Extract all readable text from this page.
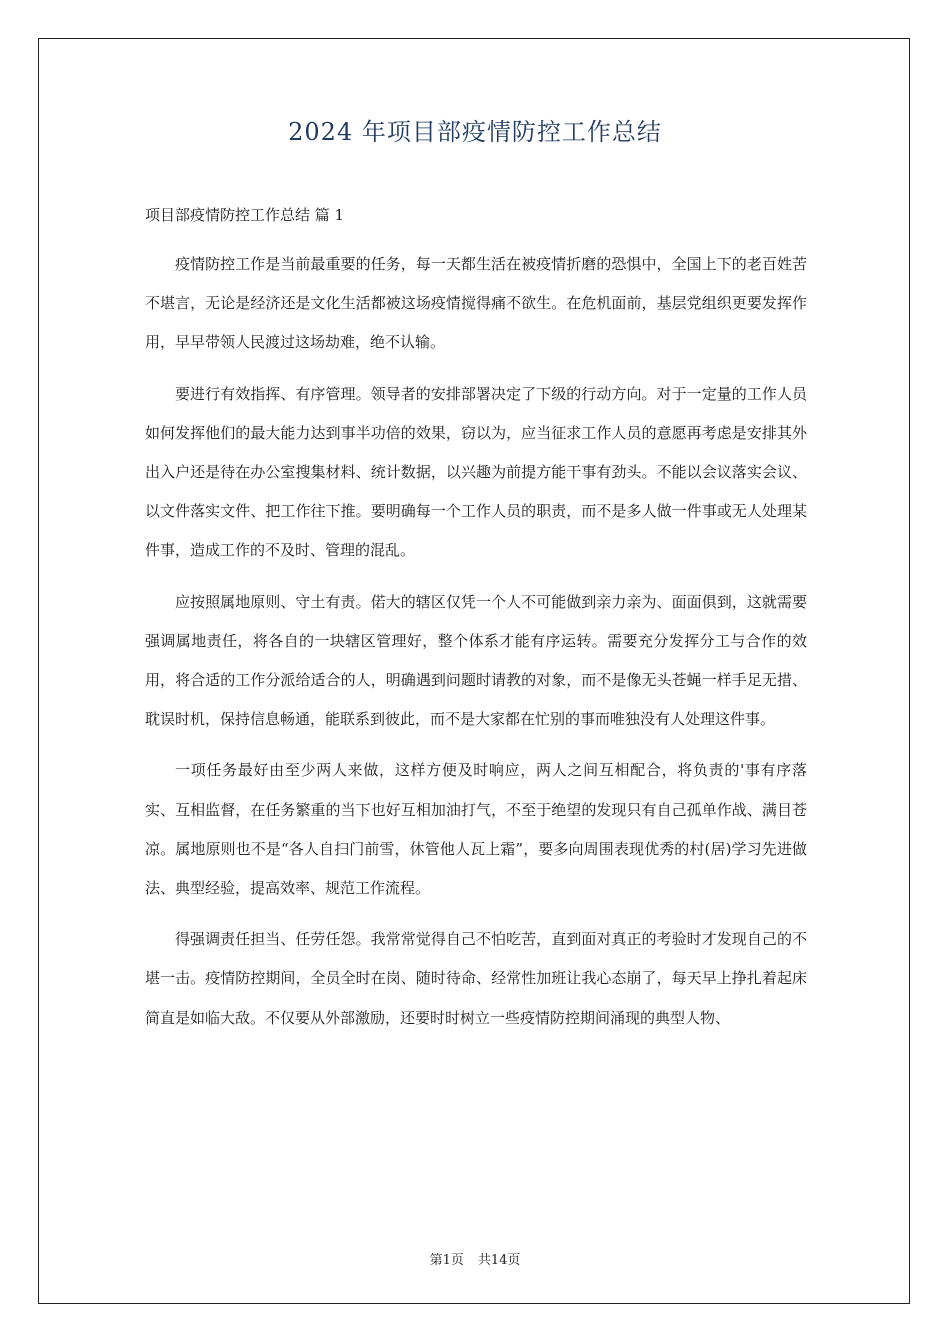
2024 年项目部疫情防控工作总结
项目部疫情防控工作总结 篇 1

疫情防控工作是当前最重要的任务，每一天都生活在被疫情折磨的恐惧中，全国上下的老百姓苦不堪言，无论是经济还是文化生活都被这场疫情搅得痛不欲生。在危机面前，基层党组织更要发挥作用，早早带领人民渡过这场劫难，绝不认输。

要进行有效指挥、有序管理。领导者的安排部署决定了下级的行动方向。对于一定量的工作人员如何发挥他们的最大能力达到事半功倍的效果，窃以为，应当征求工作人员的意愿再考虑是安排其外出入户还是待在办公室搜集材料、统计数据，以兴趣为前提方能干事有劲头。不能以会议落实会议、以文件落实文件、把工作往下推。要明确每一个工作人员的职责，而不是多人做一件事或无人处理某件事，造成工作的不及时、管理的混乱。

应按照属地原则、守土有责。偌大的辖区仅凭一个人不可能做到亲力亲为、面面俱到，这就需要强调属地责任，将各自的一块辖区管理好，整个体系才能有序运转。需要充分发挥分工与合作的效用，将合适的工作分派给适合的人，明确遇到问题时请教的对象，而不是像无头苍蝇一样手足无措、耽误时机，保持信息畅通，能联系到彼此，而不是大家都在忙别的事而唯独没有人处理这件事。

一项任务最好由至少两人来做，这样方便及时响应，两人之间互相配合，将负责的'事有序落实、互相监督，在任务繁重的当下也好互相加油打气，不至于绝望的发现只有自己孤单作战、满目苍凉。属地原则也不是“各人自扫门前雪，休管他人瓦上霜”，要多向周围表现优秀的村(居)学习先进做法、典型经验，提高效率、规范工作流程。

得强调责任担当、任劳任怨。我常常觉得自己不怕吃苦，直到面对真正的考验时才发现自己的不堪一击。疫情防控期间，全员全时在岗、随时待命、经常性加班让我心态崩了，每天早上挣扎着起床简直是如临大敌。不仅要从外部激励，还要时时树立一些疫情防控期间涌现的典型人物、

第1页 共14页
